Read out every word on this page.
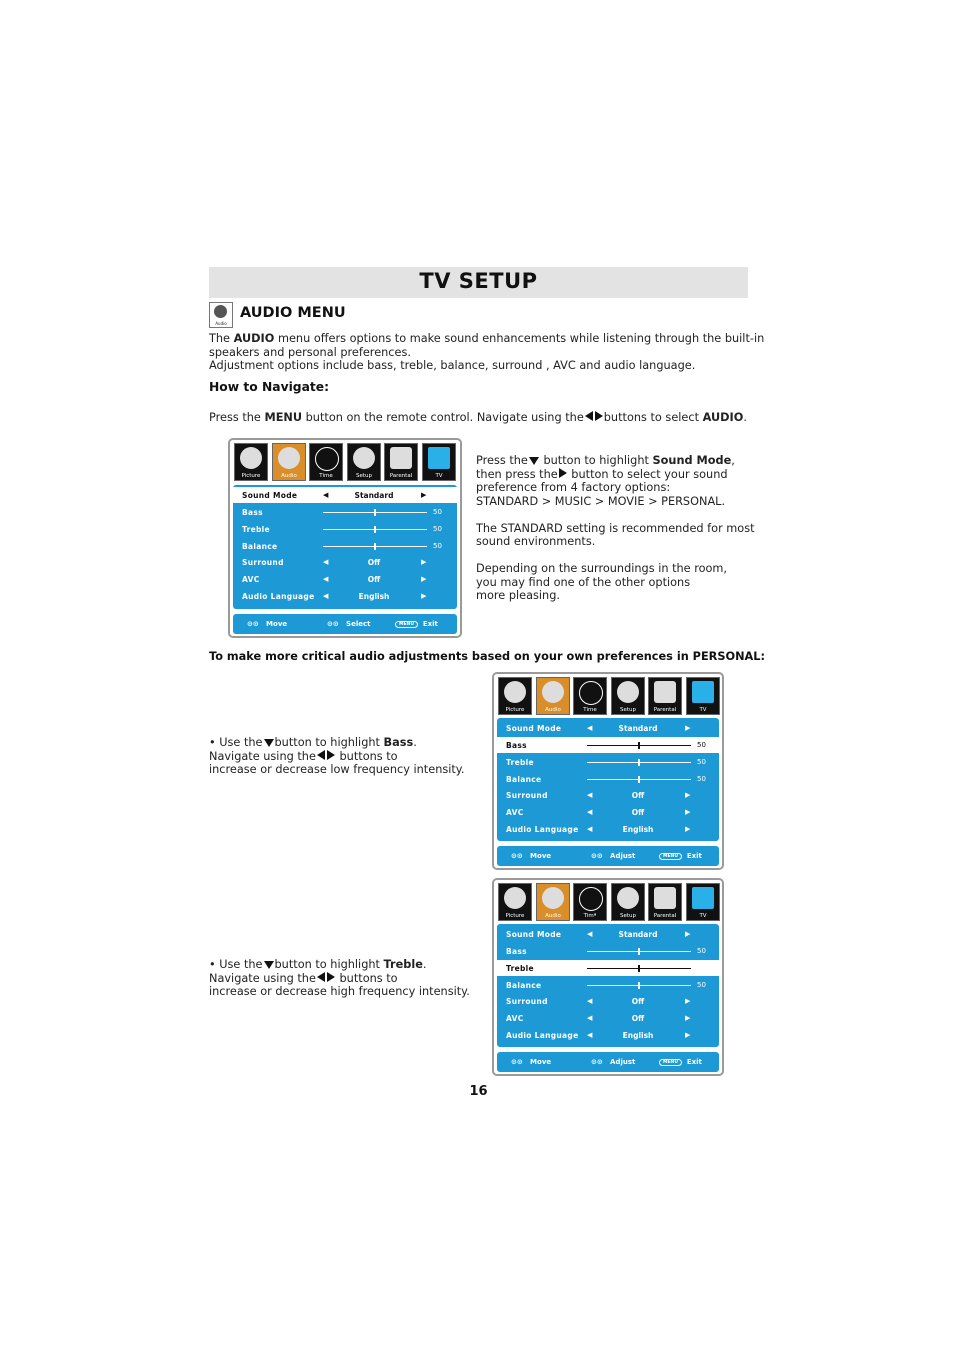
TV SETUP
Audio
AUDIO MENU
The AUDIO menu offers options to make sound enhancements while listening through the built-in
speakers and personal preferences.
Adjustment options include bass, treble, balance, surround , AVC and audio language.
How to Navigate:
Press the MENU button on the remote control. Navigate using the buttons to select AUDIO.
Picture	Audio	Time	Setup	Parental	TV
Sound Mode	◀	Standard	▶
Bass	50
Treble	50
Balance	50
Surround	◀	Off	▶
AVC	◀	Off	▶
Audio Language ◀	English	▶
⊙⊙   Move	⊙⊙   Select	MENU Exit
Press the button to highlight Sound Mode,
then press the button to select your sound
preference from 4 factory options:
STANDARD > MUSIC > MOVIE > PERSONAL.
The STANDARD setting is recommended for most
sound environments.
Depending on the surroundings in the room,
you may find one of the other options
more pleasing.
To make more critical audio adjustments based on your own preferences in PERSONAL:
Picture	Audio	Time	Setup	Parental	TV
Sound Mode	◀	Standard	▶
Bass	50
Treble	50
Balance	50
Surround	◀	Off	▶
AVC	◀	Off	▶
Audio Language ◀	English	▶
⊙⊙   Move	⊙⊙   Adjust	MENU Exit
• Use the button to highlight Bass.
Navigate using the buttons to
increase or decrease low frequency intensity.
Picture	Audio	Timª	Setup	Parental	TV
Sound Mode	◀	Standard	▶
Bass	50
Treble
Balance	50
Surround	◀	Off	▶
AVC	◀	Off	▶
Audio Language ◀	English	▶
⊙⊙   Move	⊙⊙   Adjust	MENU Exit
• Use the button to highlight Treble.
Navigate using the buttons to
increase or decrease high frequency intensity.
16
